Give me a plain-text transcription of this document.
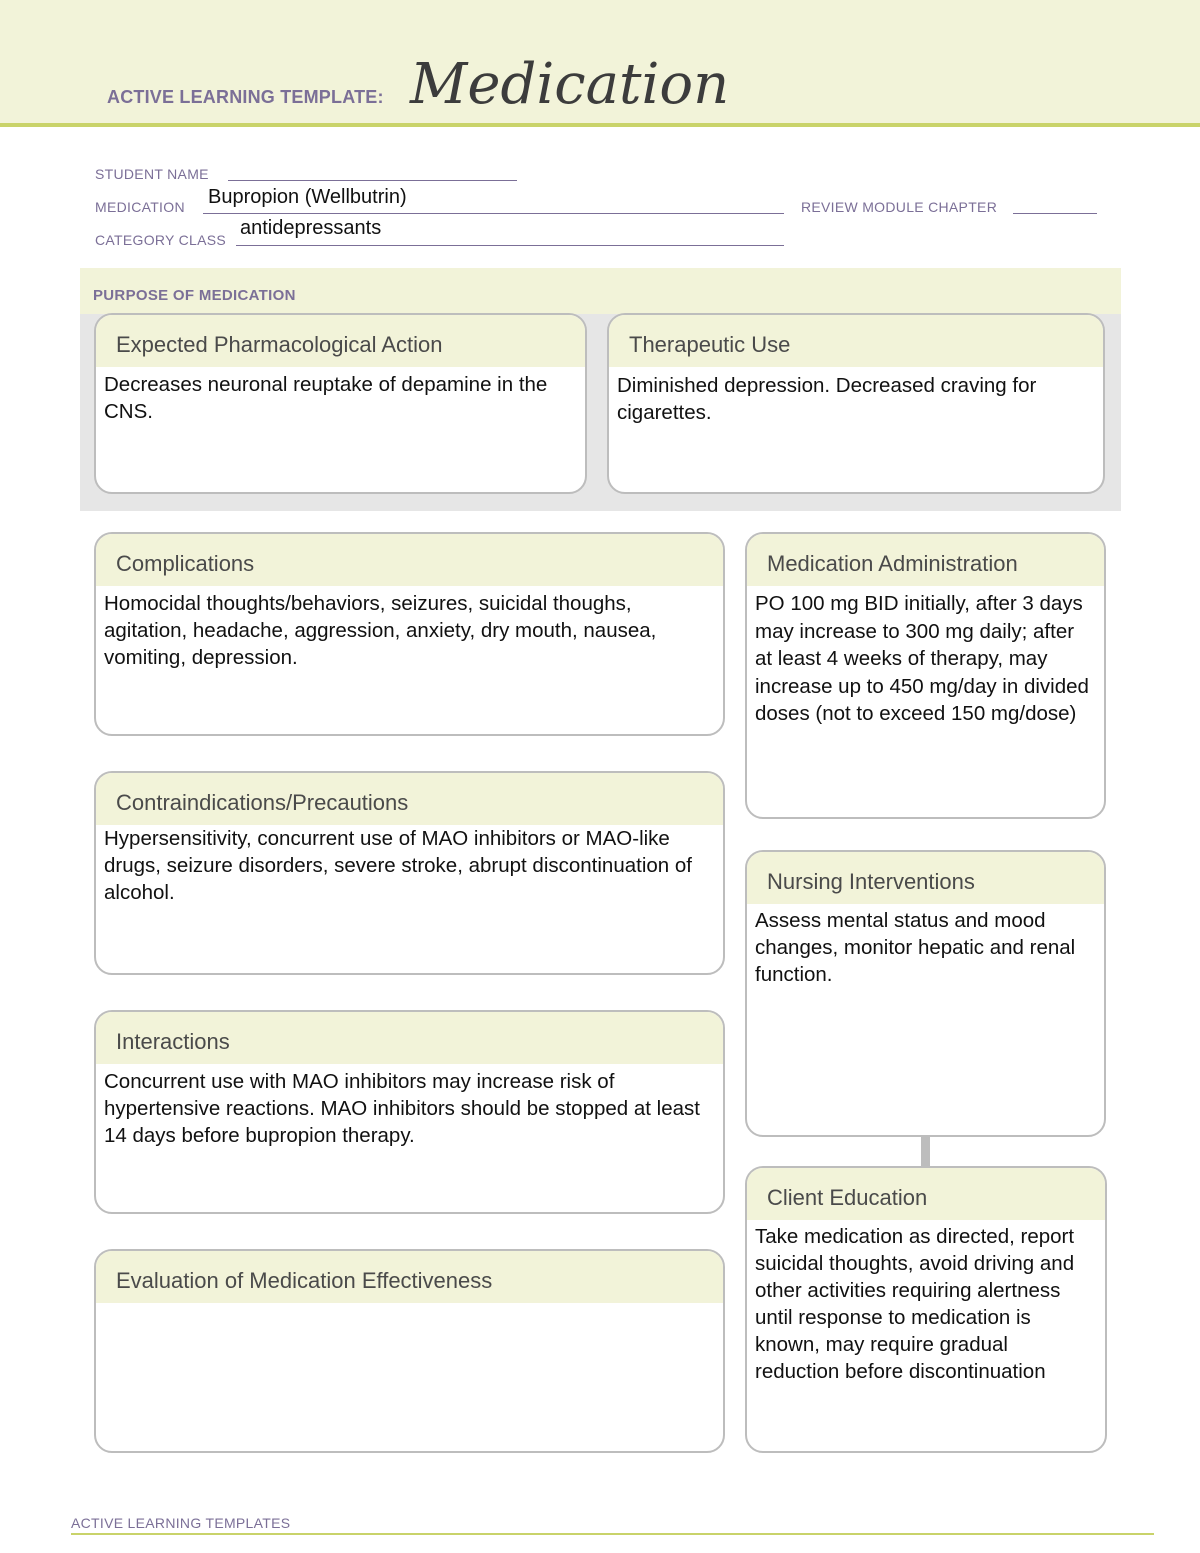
ACTIVE LEARNING TEMPLATE: Medication
STUDENT NAME
MEDICATION Bupropion (Wellbutrin)	REVIEW MODULE CHAPTER
CATEGORY CLASS
antidepressants
PURPOSE OF MEDICATION
Expected Pharmacological Action
Decreases neuronal reuptake of depamine in the CNS.
Therapeutic Use
Diminished depression. Decreased craving for cigarettes.
Complications
Homocidal thoughts/behaviors, seizures, suicidal thoughs, agitation, headache, aggression, anxiety, dry mouth, nausea, vomiting, depression.
Contraindications/Precautions
Hypersensitivity, concurrent use of MAO inhibitors or MAO-like drugs, seizure disorders, severe stroke, abrupt discontinuation of alcohol.
Interactions
Concurrent use with MAO inhibitors may increase risk of hypertensive reactions. MAO inhibitors should be stopped at least 14 days before bupropion therapy.
Evaluation of Medication Effectiveness
Medication Administration
PO 100 mg BID initially, after 3 days may increase to 300 mg daily; after at least 4 weeks of therapy, may increase up to 450 mg/day in divided doses (not to exceed 150 mg/dose)
Nursing Interventions
Assess mental status and mood changes, monitor hepatic and renal function.
Client Education
Take medication as directed, report suicidal thoughts, avoid driving and other activities requiring alertness until response to medication is known, may require gradual reduction before discontinuation
ACTIVE LEARNING TEMPLATES
